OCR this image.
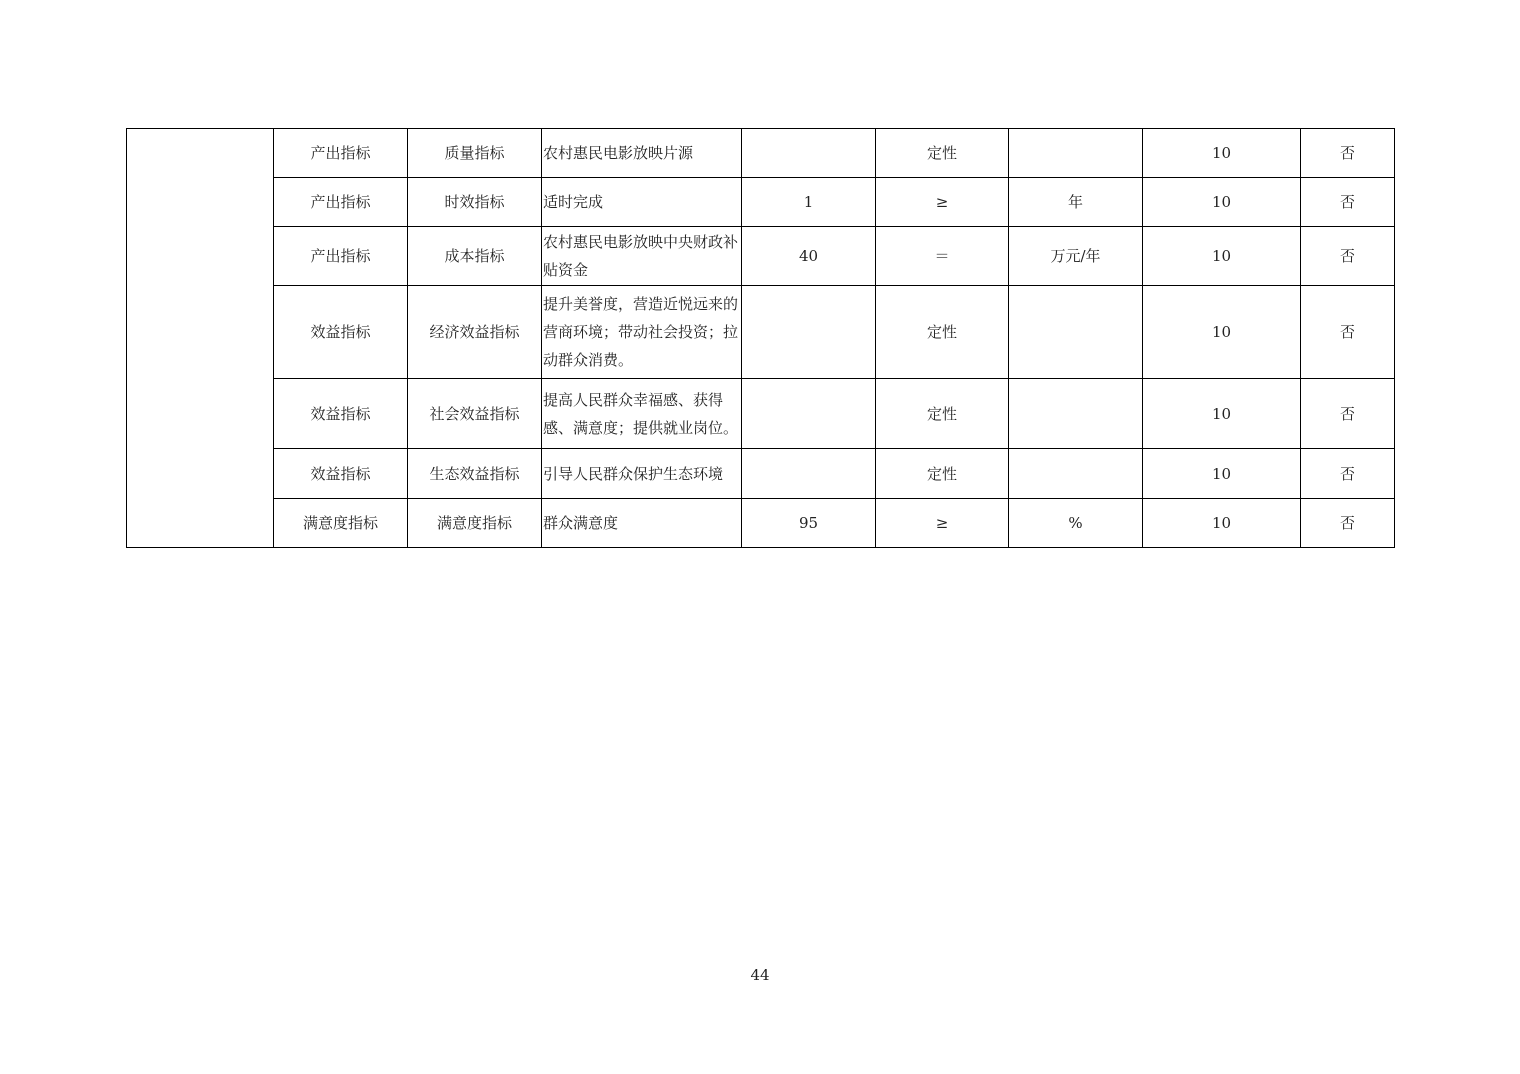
	产出指标	质量指标	农村惠民电影放映片源		定性		10	否
	产出指标	时效指标	适时完成	1	≥	年	10	否
	产出指标	成本指标	农村惠民电影放映中央财政补贴资金	40	＝	万元/年	10	否
	效益指标	经济效益指标	提升美誉度，营造近悦远来的营商环境；带动社会投资；拉动群众消费。		定性		10	否
	效益指标	社会效益指标	提高人民群众幸福感、获得感、满意度；提供就业岗位。		定性		10	否
	效益指标	生态效益指标	引导人民群众保护生态环境		定性		10	否
	满意度指标	满意度指标	群众满意度	95	≥	%	10	否
44
